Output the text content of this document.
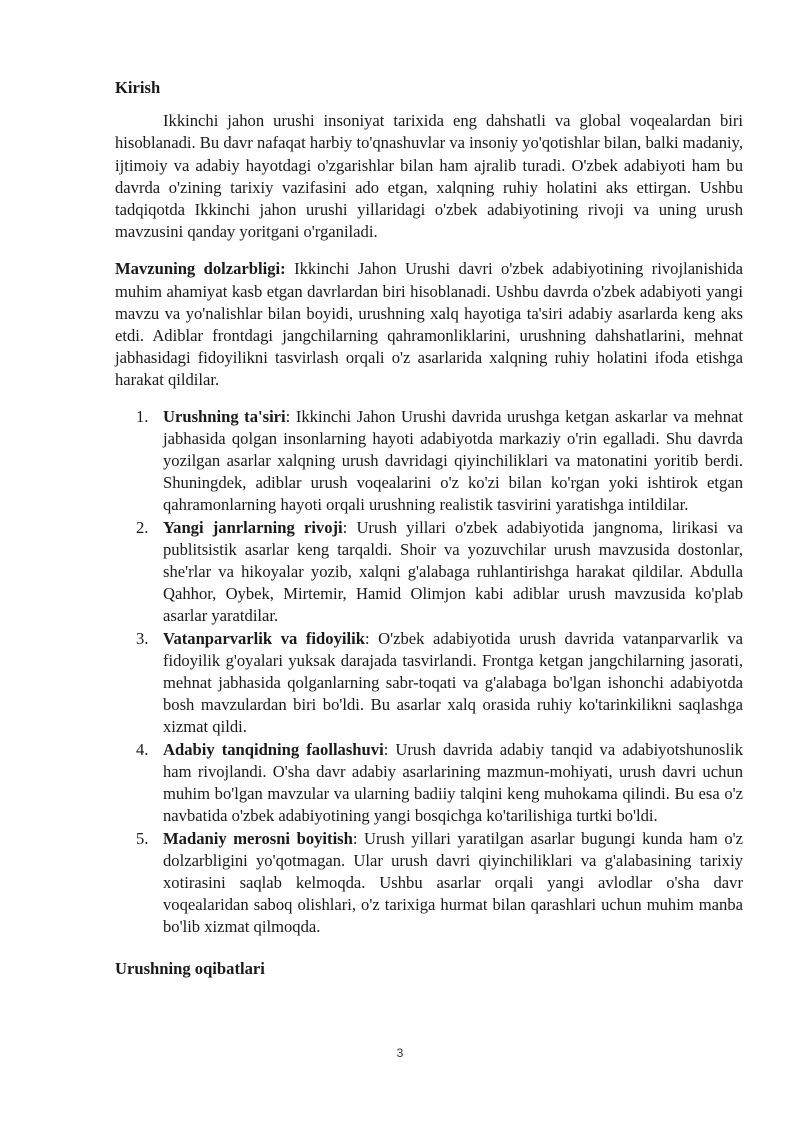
Kirish

Ikkinchi jahon urushi insoniyat tarixida eng dahshatli va global voqealardan biri hisoblanadi. Bu davr nafaqat harbiy to'qnashuvlar va insoniy yo'qotishlar bilan, balki madaniy, ijtimoiy va adabiy hayotdagi o'zgarishlar bilan ham ajralib turadi. O'zbek adabiyoti ham bu davrda o'zining tarixiy vazifasini ado etgan, xalqning ruhiy holatini aks ettirgan. Ushbu tadqiqotda Ikkinchi jahon urushi yillaridagi o'zbek adabiyotining rivoji va uning urush mavzusini qanday yoritgani o'rganiladi.

Mavzuning dolzarbligi: Ikkinchi Jahon Urushi davri o'zbek adabiyotining rivojlanishida muhim ahamiyat kasb etgan davrlardan biri hisoblanadi. Ushbu davrda o'zbek adabiyoti yangi mavzu va yo'nalishlar bilan boyidi, urushning xalq hayotiga ta'siri adabiy asarlarda keng aks etdi. Adiblar frontdagi jangchilarning qahramonliklarini, urushning dahshatlarini, mehnat jabhasidagi fidoyilikni tasvirlash orqali o'z asarlarida xalqning ruhiy holatini ifoda etishga harakat qildilar.

1. Urushning ta'siri: Ikkinchi Jahon Urushi davrida urushga ketgan askarlar va mehnat jabhasida qolgan insonlarning hayoti adabiyotda markaziy o'rin egalladi. Shu davrda yozilgan asarlar xalqning urush davridagi qiyinchiliklari va matonatini yoritib berdi. Shuningdek, adiblar urush voqealarini o'z ko'zi bilan ko'rgan yoki ishtirok etgan qahramonlarning hayoti orqali urushning realistik tasvirini yaratishga intildilar.
2. Yangi janrlarning rivoji: Urush yillari o'zbek adabiyotida jangnoma, lirikasi va publitsistik asarlar keng tarqaldi. Shoir va yozuvchilar urush mavzusida dostonlar, she'rlar va hikoyalar yozib, xalqni g'alabaga ruhlantirishga harakat qildilar. Abdulla Qahhor, Oybek, Mirtemir, Hamid Olimjon kabi adiblar urush mavzusida ko'plab asarlar yaratdilar.
3. Vatanparvarlik va fidoyilik: O'zbek adabiyotida urush davrida vatanparvarlik va fidoyilik g'oyalari yuksak darajada tasvirlandi. Frontga ketgan jangchilarning jasorati, mehnat jabhasida qolganlarning sabr-toqati va g'alabaga bo'lgan ishonchi adabiyotda bosh mavzulardan biri bo'ldi. Bu asarlar xalq orasida ruhiy ko'tarinkilikni saqlashga xizmat qildi.
4. Adabiy tanqidning faollashuvi: Urush davrida adabiy tanqid va adabiyotshunoslik ham rivojlandi. O'sha davr adabiy asarlarining mazmun-mohiyati, urush davri uchun muhim bo'lgan mavzular va ularning badiiy talqini keng muhokama qilindi. Bu esa o'z navbatida o'zbek adabiyotining yangi bosqichga ko'tarilishiga turtki bo'ldi.
5. Madaniy merosni boyitish: Urush yillari yaratilgan asarlar bugungi kunda ham o'z dolzarbligini yo'qotmagan. Ular urush davri qiyinchiliklari va g'alabasining tarixiy xotirasini saqlab kelmoqda. Ushbu asarlar orqali yangi avlodlar o'sha davr voqealaridan saboq olishlari, o'z tarixiga hurmat bilan qarashlari uchun muhim manba bo'lib xizmat qilmoqda.
Urushning oqibatlari
3
